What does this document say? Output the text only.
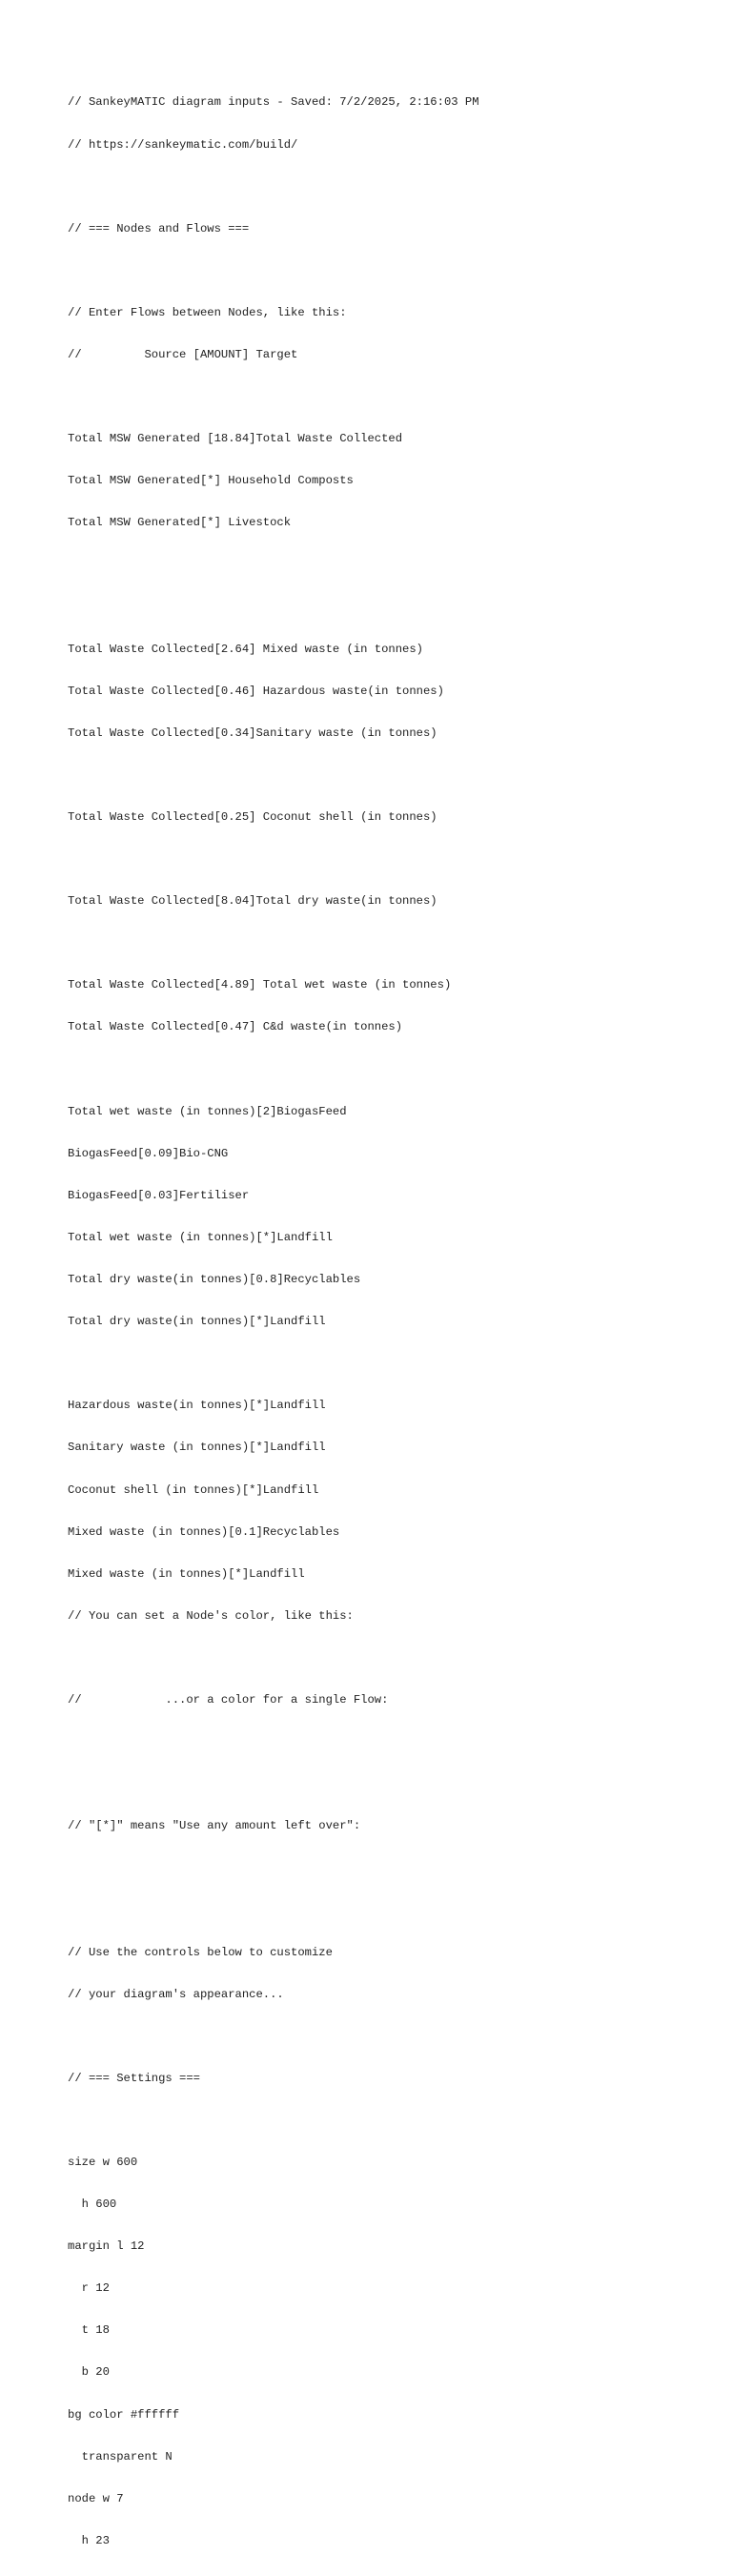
// SankeyMATIC diagram inputs - Saved: 7/2/2025, 2:16:03 PM

// https://sankeymatic.com/build/

// === Nodes and Flows ===

// Enter Flows between Nodes, like this:

//         Source [AMOUNT] Target

Total MSW Generated [18.84]Total Waste Collected

Total MSW Generated[*] Household Composts

Total MSW Generated[*] Livestock

Total Waste Collected[2.64] Mixed waste (in tonnes)

Total Waste Collected[0.46] Hazardous waste(in tonnes)

Total Waste Collected[0.34]Sanitary waste (in tonnes)

Total Waste Collected[0.25] Coconut shell (in tonnes)

Total Waste Collected[8.04]Total dry waste(in tonnes)

Total Waste Collected[4.89] Total wet waste (in tonnes)

Total Waste Collected[0.47] C&d waste(in tonnes)

Total wet waste (in tonnes)[2]BiogasFeed

BiogasFeed[0.09]Bio-CNG

BiogasFeed[0.03]Fertiliser

Total wet waste (in tonnes)[*]Landfill

Total dry waste(in tonnes)[0.8]Recyclables

Total dry waste(in tonnes)[*]Landfill

Hazardous waste(in tonnes)[*]Landfill

Sanitary waste (in tonnes)[*]Landfill

Coconut shell (in tonnes)[*]Landfill

Mixed waste (in tonnes)[0.1]Recyclables

Mixed waste (in tonnes)[*]Landfill

// You can set a Node's color, like this:

//            ...or a color for a single Flow:

// "[*]" means "Use any amount left over":

// Use the controls below to customize

// your diagram's appearance...

// === Settings ===

size w 600

h 600

margin l 12

r 12

t 18

b 20

bg color #ffffff

transparent N

node w 7

h 23
